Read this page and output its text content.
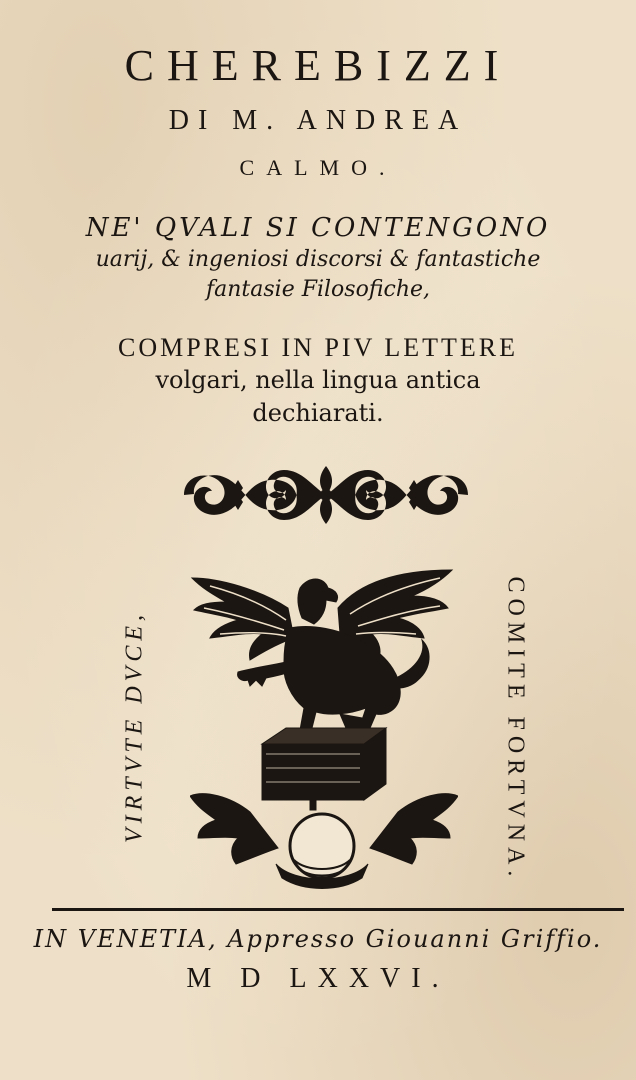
CHEREBIZZI
DI M. ANDREA
CALMO.
NE' QVALI SI CONTENGONO
uarij, & ingeniosi discorsi & fantastiche
fantasie Filosofiche,
COMPRESI IN PIV LETTERE
volgari, nella lingua antica
dechiarati.
VIRTVTE DVCE,	COMITE FORTVNA.
IN VENETIA, Appresso Giouanni Griffio.
M D LXXVI.
